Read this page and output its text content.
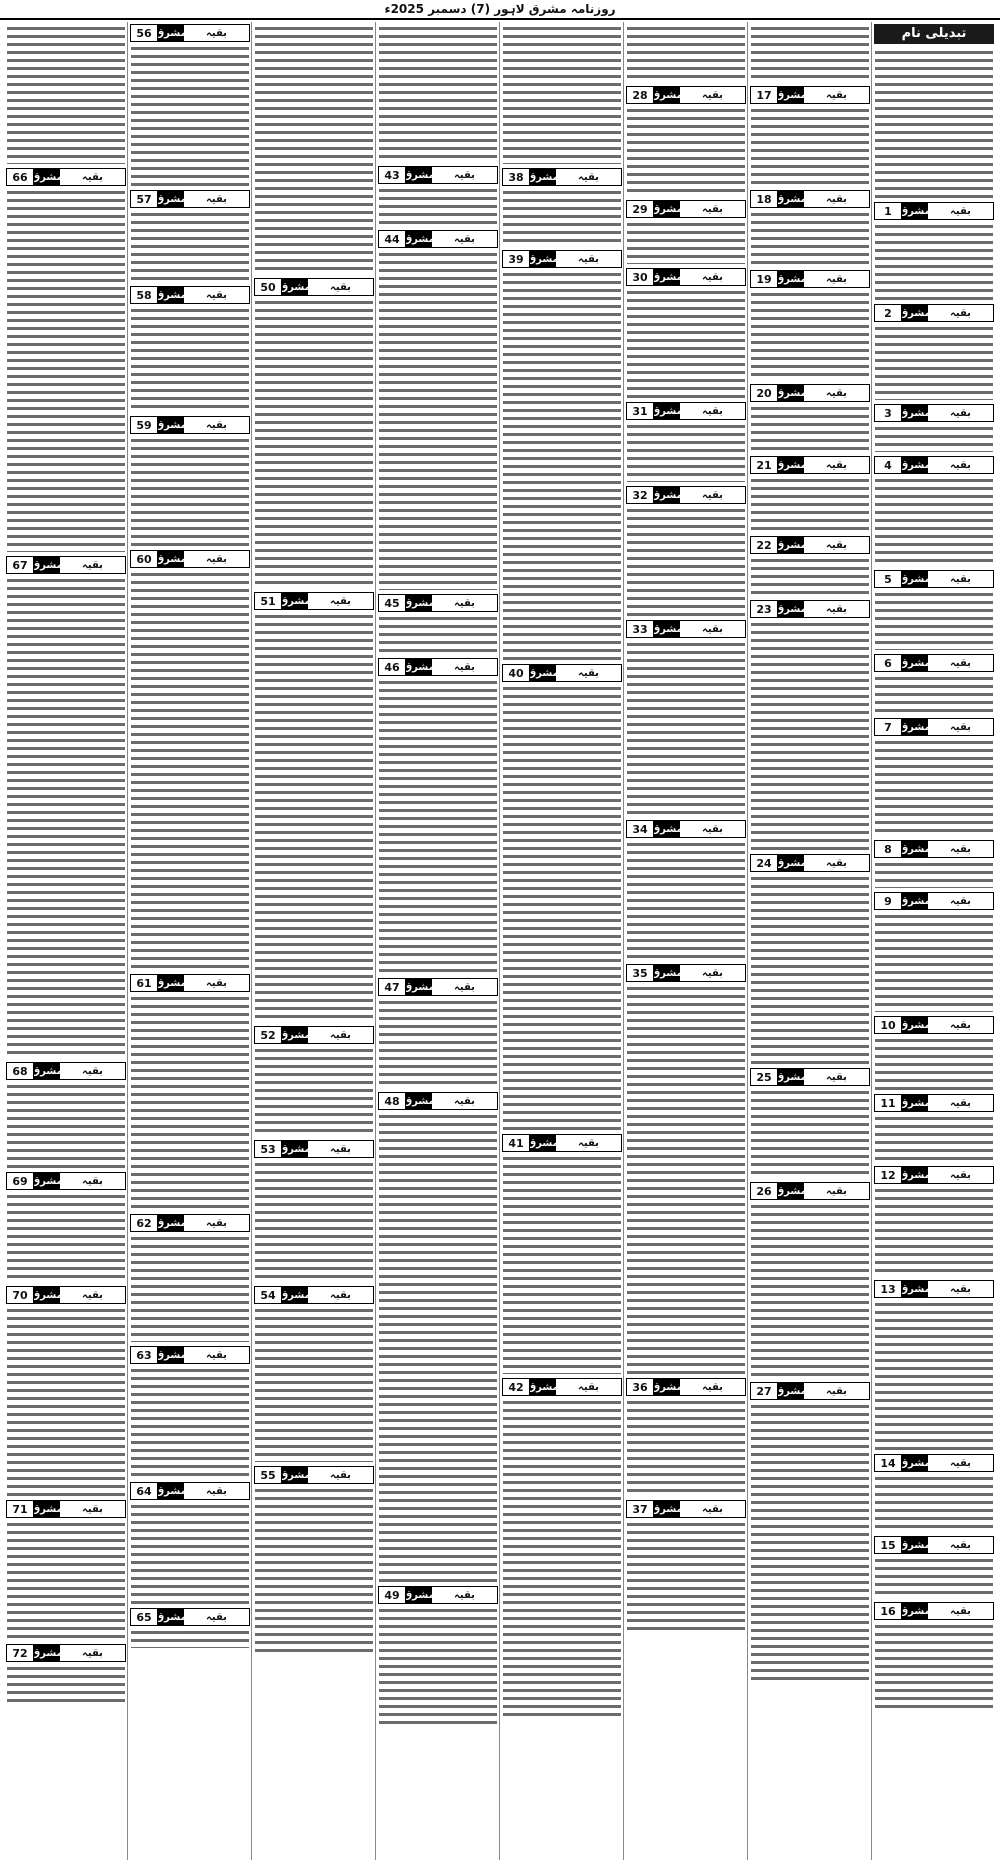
روزنامہ مشرق لاہور (7) دسمبر 2025ء
تبدیلی نام
بقیہ
مشرق
1
بقیہ
مشرق
2
بقیہ
مشرق
3
بقیہ
مشرق
4
بقیہ
مشرق
5
بقیہ
مشرق
6
بقیہ
مشرق
7
بقیہ
مشرق
8
بقیہ
مشرق
9
بقیہ
مشرق
10
بقیہ
مشرق
11
بقیہ
مشرق
12
بقیہ
مشرق
13
بقیہ
مشرق
14
بقیہ
مشرق
15
بقیہ
مشرق
16
بقیہ
مشرق
17
بقیہ
مشرق
18
بقیہ
مشرق
19
بقیہ
مشرق
20
بقیہ
مشرق
21
بقیہ
مشرق
22
بقیہ
مشرق
23
بقیہ
مشرق
24
بقیہ
مشرق
25
بقیہ
مشرق
26
بقیہ
مشرق
27
بقیہ
مشرق
28
بقیہ
مشرق
29
بقیہ
مشرق
30
بقیہ
مشرق
31
بقیہ
مشرق
32
بقیہ
مشرق
33
بقیہ
مشرق
34
بقیہ
مشرق
35
بقیہ
مشرق
36
بقیہ
مشرق
37
بقیہ
مشرق
38
بقیہ
مشرق
39
بقیہ
مشرق
40
بقیہ
مشرق
41
بقیہ
مشرق
42
بقیہ
مشرق
43
بقیہ
مشرق
44
بقیہ
مشرق
45
بقیہ
مشرق
46
بقیہ
مشرق
47
بقیہ
مشرق
48
بقیہ
مشرق
49
بقیہ
مشرق
50
بقیہ
مشرق
51
بقیہ
مشرق
52
بقیہ
مشرق
53
بقیہ
مشرق
54
بقیہ
مشرق
55
بقیہ
مشرق
56
بقیہ
مشرق
57
بقیہ
مشرق
58
بقیہ
مشرق
59
بقیہ
مشرق
60
بقیہ
مشرق
61
بقیہ
مشرق
62
بقیہ
مشرق
63
بقیہ
مشرق
64
بقیہ
مشرق
65
بقیہ
مشرق
66
بقیہ
مشرق
67
بقیہ
مشرق
68
بقیہ
مشرق
69
بقیہ
مشرق
70
بقیہ
مشرق
71
بقیہ
مشرق
72
